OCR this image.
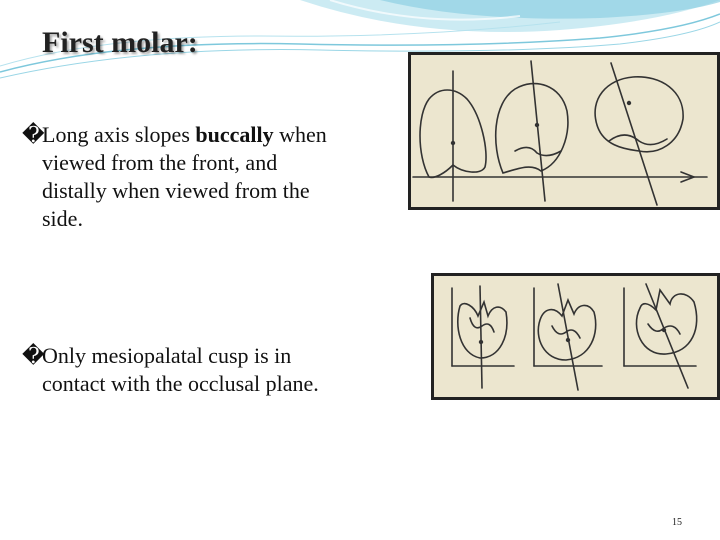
First molar:
�Long axis slopes buccally when
viewed from the front, and
distally when viewed from the
side.
�Only mesiopalatal cusp is in
contact with the occlusal plane.
15
